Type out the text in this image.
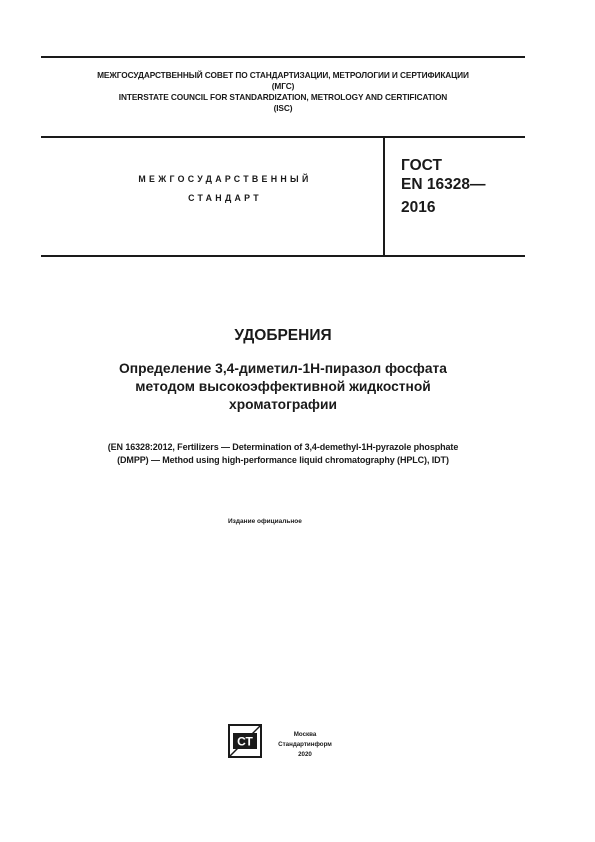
МЕЖГОСУДАРСТВЕННЫЙ СОВЕТ ПО СТАНДАРТИЗАЦИИ, МЕТРОЛОГИИ И СЕРТИФИКАЦИИ
(МГС)
INTERSTATE COUNCIL FOR STANDARDIZATION, METROLOGY AND CERTIFICATION
(ISC)
МЕЖГОСУДАРСТВЕННЫЙ
СТАНДАРТ
ГОСТ
EN 16328—
2016
УДОБРЕНИЯ
Определение 3,4-диметил-1Н-пиразол фосфата
методом высокоэффективной жидкостной
хроматографии
(EN 16328:2012, Fertilizers — Determination of 3,4-demethyl-1H-pyrazole phosphate
(DMPP) — Method using high-performance liquid chromatography (HPLC), IDT)
Издание официальное
СТ	Москва
Стандартинформ
2020
